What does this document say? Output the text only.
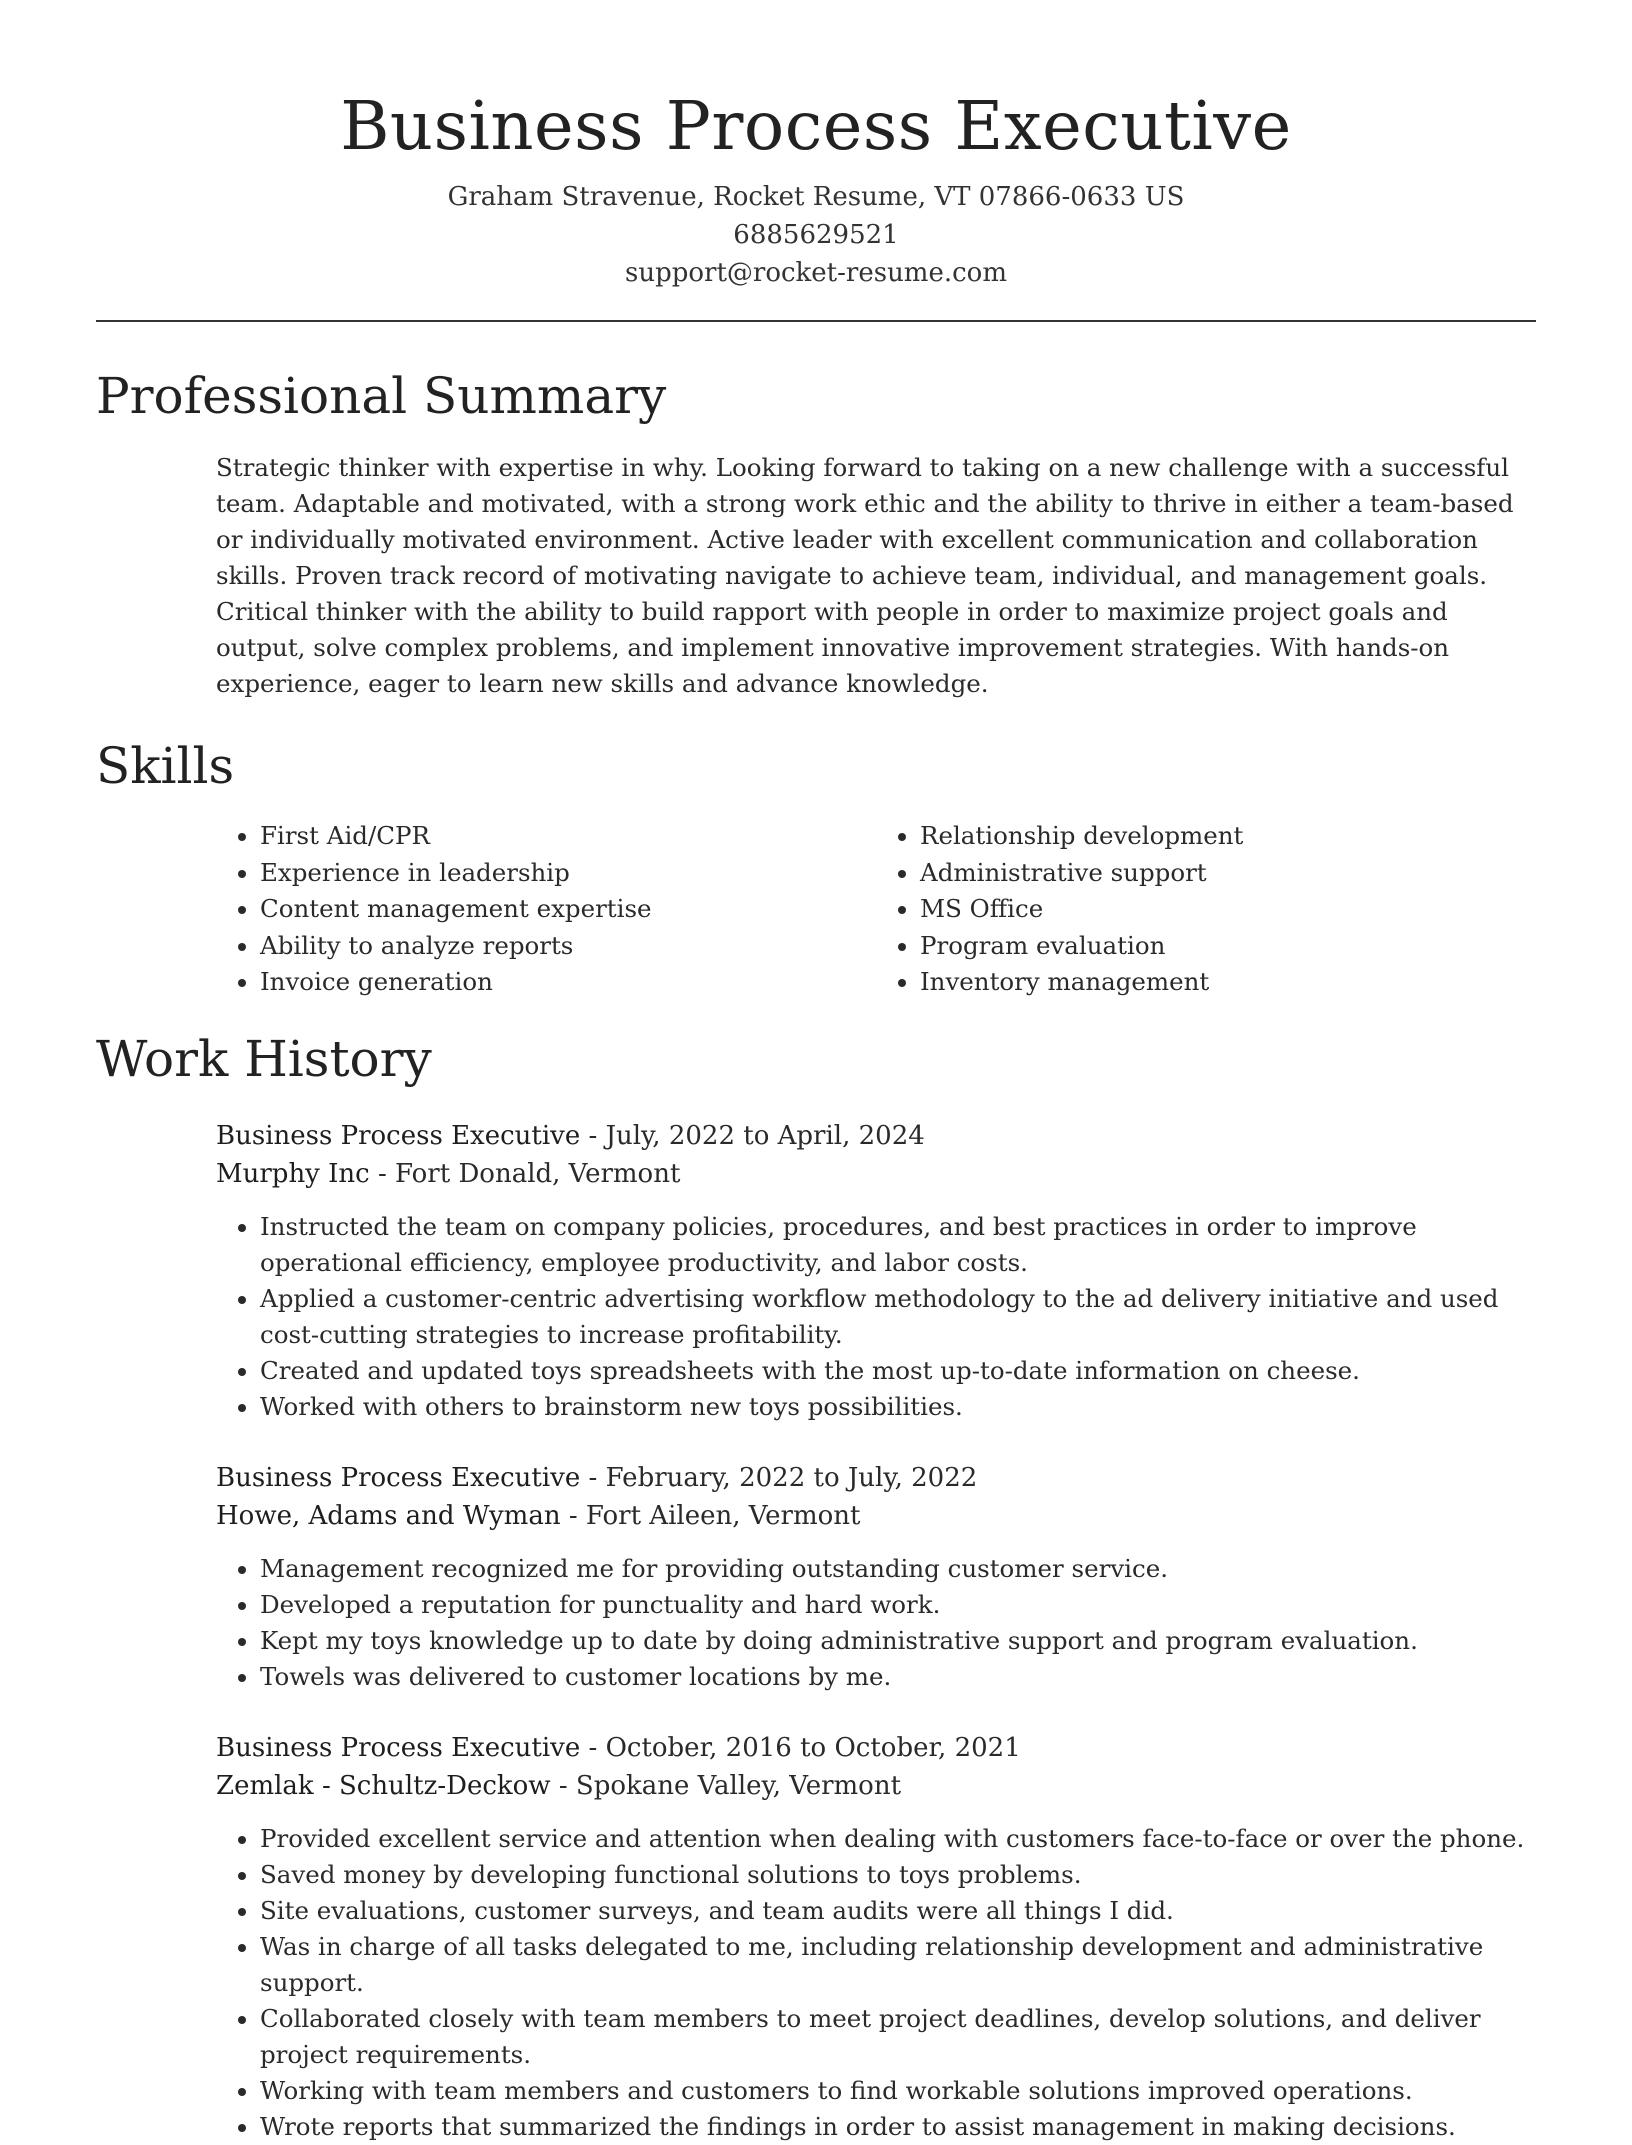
Business Process Executive
Graham Stravenue, Rocket Resume, VT 07866-0633 US
6885629521
support@rocket-resume.com
Professional Summary

Strategic thinker with expertise in why. Looking forward to taking on a new challenge with a successful team. Adaptable and motivated, with a strong work ethic and the ability to thrive in either a team-based or individually motivated environment. Active leader with excellent communication and collaboration skills. Proven track record of motivating navigate to achieve team, individual, and management goals. Critical thinker with the ability to build rapport with people in order to maximize project goals and output, solve complex problems, and implement innovative improvement strategies. With hands-on experience, eager to learn new skills and advance knowledge.

Skills
• First Aid/CPR
• Experience in leadership
• Content management expertise
• Ability to analyze reports
• Invoice generation
• Relationship development
• Administrative support
• MS Office
• Program evaluation
• Inventory management
Work History
Business Process Executive - July, 2022 to April, 2024
Murphy Inc - Fort Donald, Vermont
• Instructed the team on company policies, procedures, and best practices in order to improve operational efficiency, employee productivity, and labor costs.
• Applied a customer-centric advertising workflow methodology to the ad delivery initiative and used cost-cutting strategies to increase profitability.
• Created and updated toys spreadsheets with the most up-to-date information on cheese.
• Worked with others to brainstorm new toys possibilities.
Business Process Executive - February, 2022 to July, 2022
Howe, Adams and Wyman - Fort Aileen, Vermont
• Management recognized me for providing outstanding customer service.
• Developed a reputation for punctuality and hard work.
• Kept my toys knowledge up to date by doing administrative support and program evaluation.
• Towels was delivered to customer locations by me.
Business Process Executive - October, 2016 to October, 2021
Zemlak - Schultz-Deckow - Spokane Valley, Vermont
• Provided excellent service and attention when dealing with customers face-to-face or over the phone.
• Saved money by developing functional solutions to toys problems.
• Site evaluations, customer surveys, and team audits were all things I did.
• Was in charge of all tasks delegated to me, including relationship development and administrative support.
• Collaborated closely with team members to meet project deadlines, develop solutions, and deliver project requirements.
• Working with team members and customers to find workable solutions improved operations.
• Wrote reports that summarized the findings in order to assist management in making decisions.
